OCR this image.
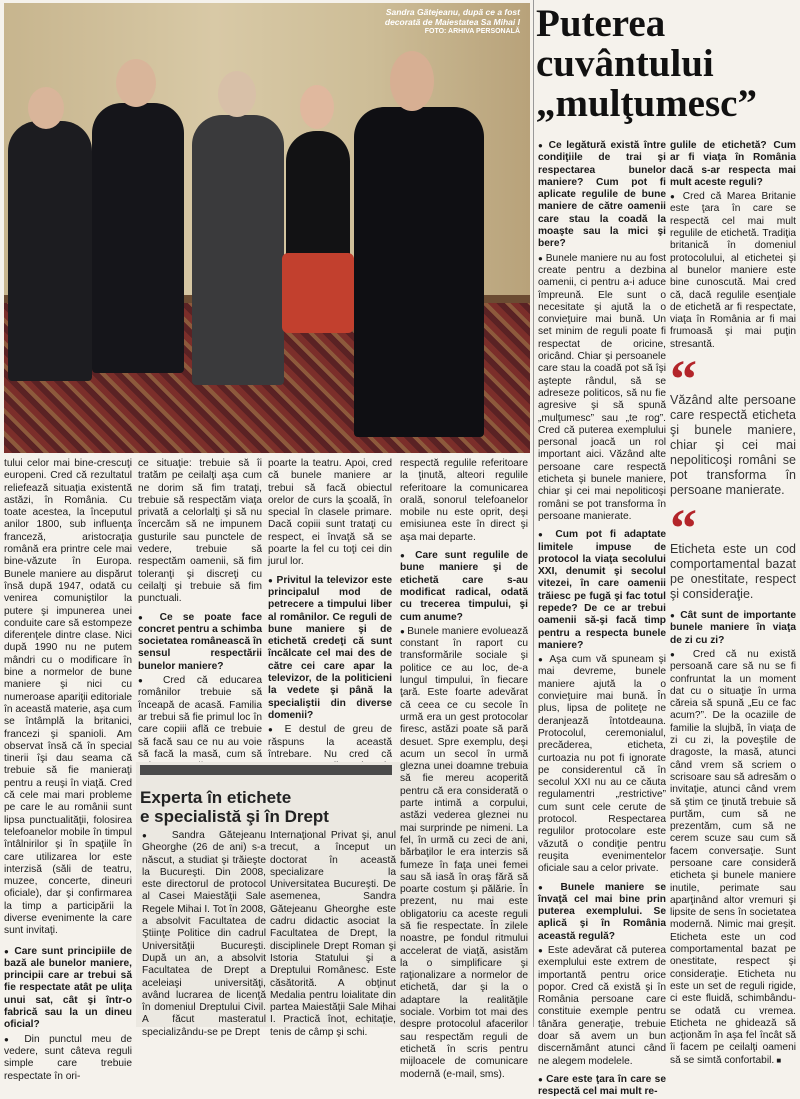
Sandra Gătejeanu, după ce a fost decorată de Maiestatea Sa Mihai I
FOTO: ARHIVA PERSONALĂ Puterea
cuvântului
„mulţumesc”

tului celor mai bine-crescuţi europeni. Cred că rezultatul reliefează situaţia existentă astăzi, în România. Cu toate acestea, la începutul anilor 1800, sub influenţa franceză, aristocraţia română era printre cele mai bine-văzute în Europa. Bunele maniere au dispărut însă după 1947, odată cu venirea comuniştilor la putere şi impunerea unei conduite care să estompeze diferenţele dintre clase. Nici după 1990 nu ne putem mândri cu o modificare în bine a normelor de bune maniere şi nici cu numeroase apariţii editoriale în această materie, aşa cum se întâmplă la britanici, francezi şi spanioli. Am observat însă că în special tinerii îşi dau seama că trebuie să fie manieraţi pentru a reuşi în viaţă. Cred că cele mai mari probleme pe care le au românii sunt lipsa punctualităţii, folosirea telefoanelor mobile în timpul întâlnirilor şi în spaţiile în care utilizarea lor este interzisă (săli de teatru, muzee, concerte, dineuri oficiale), dar şi confirmarea la timp a participării la diverse evenimente la care sunt invitaţi.

● Care sunt principiile de bază ale bunelor maniere, principii care ar trebui să fie respectate atât pe uliţa unui sat, cât şi într-o fabrică sau la un dineu oficial?

● Din punctul meu de vedere, sunt câteva reguli simple care trebuie respectate în ori-

ce situaţie: trebuie să îi tratăm pe ceilalţi aşa cum ne dorim să fim trataţi, trebuie să respectăm viaţa privată a celorlalţi şi să nu încercăm să ne impunem gusturile sau punctele de vedere, trebuie să respectăm oamenii, să fim toleranţi şi discreţi cu ceilalţi şi trebuie să fim punctuali.

● Ce se poate face concret pentru a schimba societatea românească în sensul respectării bunelor maniere?

● Cred că educarea românilor trebuie să înceapă de acasă. Familia ar trebui să fie primul loc în care copiii află ce trebuie să facă sau ce nu au voie să facă la masă, cum să

poarte la teatru. Apoi, cred că bunele maniere ar trebui să facă obiectul orelor de curs la şcoală, în special în clasele primare. Dacă copiii sunt trataţi cu respect, ei învaţă să se poarte la fel cu toţi cei din jurul lor.

● Privitul la televizor este principalul mod de petrecere a timpului liber al românilor. Ce reguli de bune maniere şi de etichetă credeţi că sunt încălcate cel mai des de către cei care apar la televizor, de la politicieni la vedete şi până la specialiştii din diverse domenii?

● E destul de greu de răspuns la această întrebare. Nu cred că

Experta în etichete
e specialistă şi în Drept

● Sandra Gătejeanu Gheorghe (26 de ani) s-a născut, a studiat şi trăieşte la Bucureşti. Din 2008, este directorul de protocol al Casei Maiestăţii Sale Regele Mihai I. Tot în 2008, a absolvit Facultatea de Ştiinţe Politice din cadrul Universităţii Bucureşti. După un an, a absolvit Facultatea de Drept a aceleiaşi universităţi, având lucrarea de licenţă în domeniul Dreptului Civil. A făcut masteratul specializându-se pe Drept

Internaţional Privat şi, anul trecut, a început un doctorat în această specializare la Universitatea Bucureşti. De asemenea, Sandra Gătejeanu Gheorghe este cadru didactic asociat la Facultatea de Drept, la disciplinele Drept Roman şi Istoria Statului şi a Dreptului Românesc. Este căsătorită. A obţinut Medalia pentru loialitate din partea Maiestăţii Sale Mihai I. Practică înot, echitaţie, tenis de câmp şi schi.

respectă regulile referitoare la ţinută, alteori regulile referitoare la comunicarea orală, sonorul telefoanelor mobile nu este oprit, deşi emisiunea este în direct şi aşa mai departe.

● Care sunt regulile de bune maniere şi de etichetă care s-au modificat radical, odată cu trecerea timpului, şi cum anume?

● Bunele maniere evoluează constant în raport cu transformările sociale şi politice ce au loc, de-a lungul timpului, în fiecare ţară. Este foarte adevărat că ceea ce cu secole în urmă era un gest protocolar firesc, astăzi poate să pară desuet. Spre exemplu, deşi acum un secol în urmă glezna unei doamne trebuia să fie mereu acoperită pentru că era considerată o parte intimă a corpului, astăzi vederea gleznei nu mai surprinde pe nimeni. La fel, în urmă cu zeci de ani, bărbaţilor le era interzis să fumeze în faţa unei femei sau să iasă în oraş fără să poarte costum şi pălărie. În prezent, nu mai este obligatoriu ca aceste reguli să fie respectate. În zilele noastre, pe fondul ritmului accelerat de viaţă, asistăm la o simplificare şi raţionalizare a normelor de etichetă, dar şi la o adaptare la realităţile sociale. Vorbim tot mai des despre protocolul afacerilor sau respectăm reguli de etichetă în scris pentru mijloacele de comunicare modernă (e-mail, sms).

● Ce legătură există între condiţiile de trai şi respectarea bunelor maniere? Cum pot fi aplicate regulile de bune maniere de către oamenii care stau la coadă la moaşte sau la mici şi bere?

● Bunele maniere nu au fost create pentru a dezbina oamenii, ci pentru a-i aduce împreună. Ele sunt o necesitate şi ajută la o convieţuire mai bună. Un set minim de reguli poate fi respectat de oricine, oricând. Chiar şi persoanele care stau la coadă pot să îşi aştepte rândul, să se adreseze politicos, să nu fie agresive şi să spună „mulţumesc” sau „te rog”. Cred că puterea exemplului personal joacă un rol important aici. Văzând alte persoane care respectă eticheta şi bunele maniere, chiar şi cei mai nepoliticoşi români se pot transforma în persoane manierate.

● Cum pot fi adaptate limitele impuse de protocol la viaţa secolului XXI, denumit şi secolul vitezei, în care oamenii trăiesc pe fugă şi fac totul repede? De ce ar trebui oamenii să-şi facă timp pentru a respecta bunele maniere?

● Aşa cum vă spuneam şi mai devreme, bunele maniere ajută la o convieţuire mai bună. În plus, lipsa de politeţe ne deranjează întotdeauna. Protocolul, ceremonialul, precăderea, eticheta, curtoazia nu pot fi ignorate pe considerentul că în secolul XXI nu au ce căuta regulamentri „restrictive” cum sunt cele cerute de protocol. Respectarea regulilor protocolare este văzută o condiţie pentru reuşita evenimentelor oficiale sau a celor private.

● Bunele maniere se învaţă cel mai bine prin puterea exemplului. Se aplică şi în România această regulă?

● Este adevărat că puterea exemplului este extrem de importantă pentru orice popor. Cred că există şi în România persoane care constituie exemple pentru tânăra generaţie, trebuie doar să avem un bun discernământ atunci când ne alegem modelele.

● Care este ţara în care se respectă cel mai mult re-

gulile de etichetă? Cum ar fi viaţa în România dacă s-ar respecta mai mult aceste reguli?

● Cred că Marea Britanie este ţara în care se respectă cel mai mult regulile de etichetă. Tradiţia britanică în domeniul protocolului, al etichetei şi al bunelor maniere este bine cunoscută. Mai cred că, dacă regulile esenţiale de etichetă ar fi respectate, viaţa în România ar fi mai frumoasă şi mai puţin stresantă.

“

Văzând alte persoane care respectă eticheta şi bunele maniere, chiar şi cei mai nepoliticoşi români se pot transforma în persoane manierate.

“

Eticheta este un cod comportamental bazat pe onestitate, respect şi consideraţie.

● Cât sunt de importante bunele maniere în viaţa de zi cu zi?

● Cred că nu există persoană care să nu se fi confruntat la un moment dat cu o situaţie în urma căreia să spună „Eu ce fac acum?”. De la ocaziile de familie la slujbă, în viaţa de zi cu zi, la poveştile de dragoste, la masă, atunci când vrem să scriem o scrisoare sau să adresăm o invitaţie, atunci când vrem să ştim ce ţinută trebuie să purtăm, cum să ne prezentăm, cum să ne cerem scuze sau cum să facem conversaţie. Sunt persoane care consideră eticheta şi bunele maniere inutile, perimate sau aparţinând altor vremuri şi lipsite de sens în societatea modernă. Nimic mai greşit. Eticheta este un cod comportamental bazat pe onestitate, respect şi consideraţie. Eticheta nu este un set de reguli rigide, ci este fluidă, schimbându-se odată cu vremea. Eticheta ne ghidează să acţionăm în aşa fel încât să îi facem pe ceilalţi oameni să se simtă confortabil. ■
